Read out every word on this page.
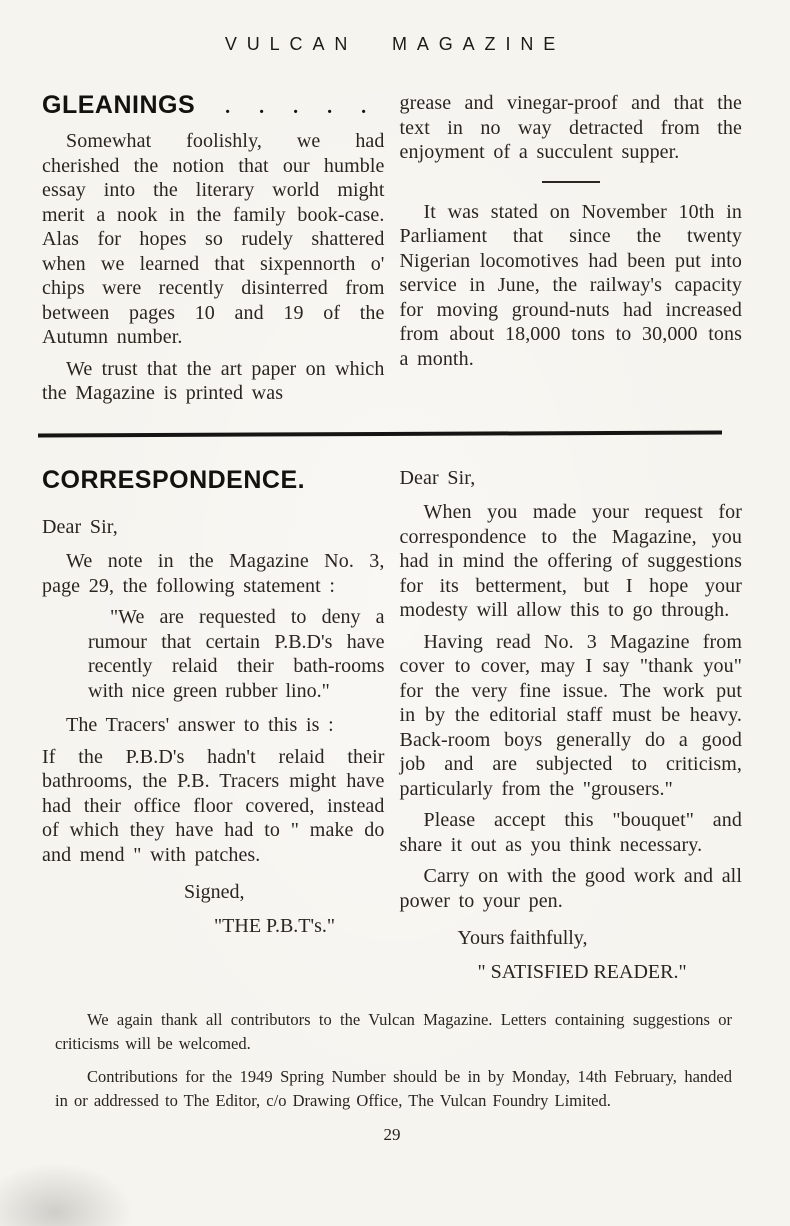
VULCAN MAGAZINE
GLEANINGS . . . . .

Somewhat foolishly, we had cherished the notion that our humble essay into the literary world might merit a nook in the family book-case. Alas for hopes so rudely shattered when we learned that sixpennorth o' chips were recently disinterred from between pages 10 and 19 of the Autumn number.

We trust that the art paper on which the Magazine is printed was

grease and vinegar-proof and that the text in no way detracted from the enjoyment of a succulent supper.

It was stated on November 10th in Parliament that since the twenty Nigerian locomotives had been put into service in June, the railway's capacity for moving ground-nuts had increased from about 18,000 tons to 30,000 tons a month.

CORRESPONDENCE.

Dear Sir,

We note in the Magazine No. 3, page 29, the following statement :

"We are requested to deny a rumour that certain P.B.D's have recently relaid their bath-rooms with nice green rubber lino."

The Tracers' answer to this is :

If the P.B.D's hadn't relaid their bathrooms, the P.B. Tracers might have had their office floor covered, instead of which they have had to " make do and mend " with patches.

Signed,
"THE P.B.T's."

Dear Sir,

When you made your request for correspondence to the Magazine, you had in mind the offering of suggestions for its betterment, but I hope your modesty will allow this to go through.

Having read No. 3 Magazine from cover to cover, may I say "thank you" for the very fine issue. The work put in by the editorial staff must be heavy. Back-room boys generally do a good job and are subjected to criticism, particularly from the "grousers."

Please accept this "bouquet" and share it out as you think necessary.

Carry on with the good work and all power to your pen.

Yours faithfully,
" SATISFIED READER."

We again thank all contributors to the Vulcan Magazine. Letters containing suggestions or criticisms will be welcomed.

Contributions for the 1949 Spring Number should be in by Monday, 14th February, handed in or addressed to The Editor, c/o Drawing Office, The Vulcan Foundry Limited.

29
